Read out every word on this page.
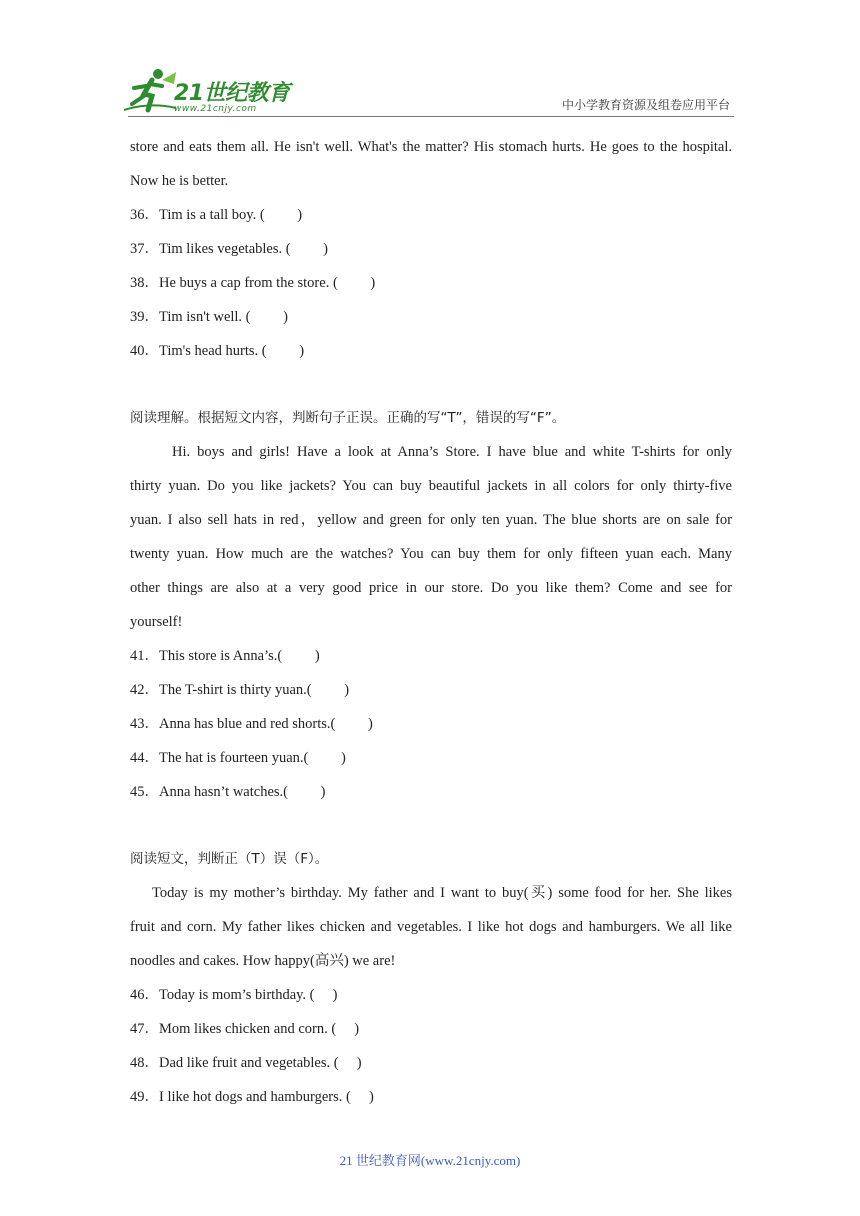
21世纪教育
www.21cnjy.com	中小学教育资源及组卷应用平台
store and eats them all. He isn't well. What's the matter? His stomach hurts. He goes to the hospital.
Now he is better.
36．Tim is a tall boy. (　　 )
37．Tim likes vegetables. (　　 )
38．He buys a cap from the store. (　　 )
39．Tim isn't well. (　　 )
40．Tim's head hurts. (　　 )
阅读理解。根据短文内容，判断句子正误。正确的写“T”，错误的写“F”。
Hi. boys and girls! Have a look at Anna’s Store. I have blue and white T-shirts for only
thirty yuan. Do you like jackets? You can buy beautiful jackets in all colors for only thirty-five
yuan. I also sell hats in red，yellow and green for only ten yuan. The blue shorts are on sale for
twenty yuan. How much are the watches? You can buy them for only fifteen yuan each. Many
other things are also at a very good price in our store. Do you like them? Come and see for
yourself!
41．This store is Anna’s.(　　 )
42．The T-shirt is thirty yuan.(　　 )
43．Anna has blue and red shorts.(　　 )
44．The hat is fourteen yuan.(　　 )
45．Anna hasn’t watches.(　　 )
阅读短文，判断正（T）误（F）。
Today is my mother’s birthday. My father and I want to buy(买) some food for her. She likes
fruit and corn. My father likes chicken and vegetables. I like hot dogs and hamburgers. We all like
noodles and cakes. How happy(高兴) we are!
46．Today is mom’s birthday. (　 )
47．Mom likes chicken and corn. (　 )
48．Dad like fruit and vegetables. (　 )
49．I like hot dogs and hamburgers. (　 )
21 世纪教育网(www.21cnjy.com)
